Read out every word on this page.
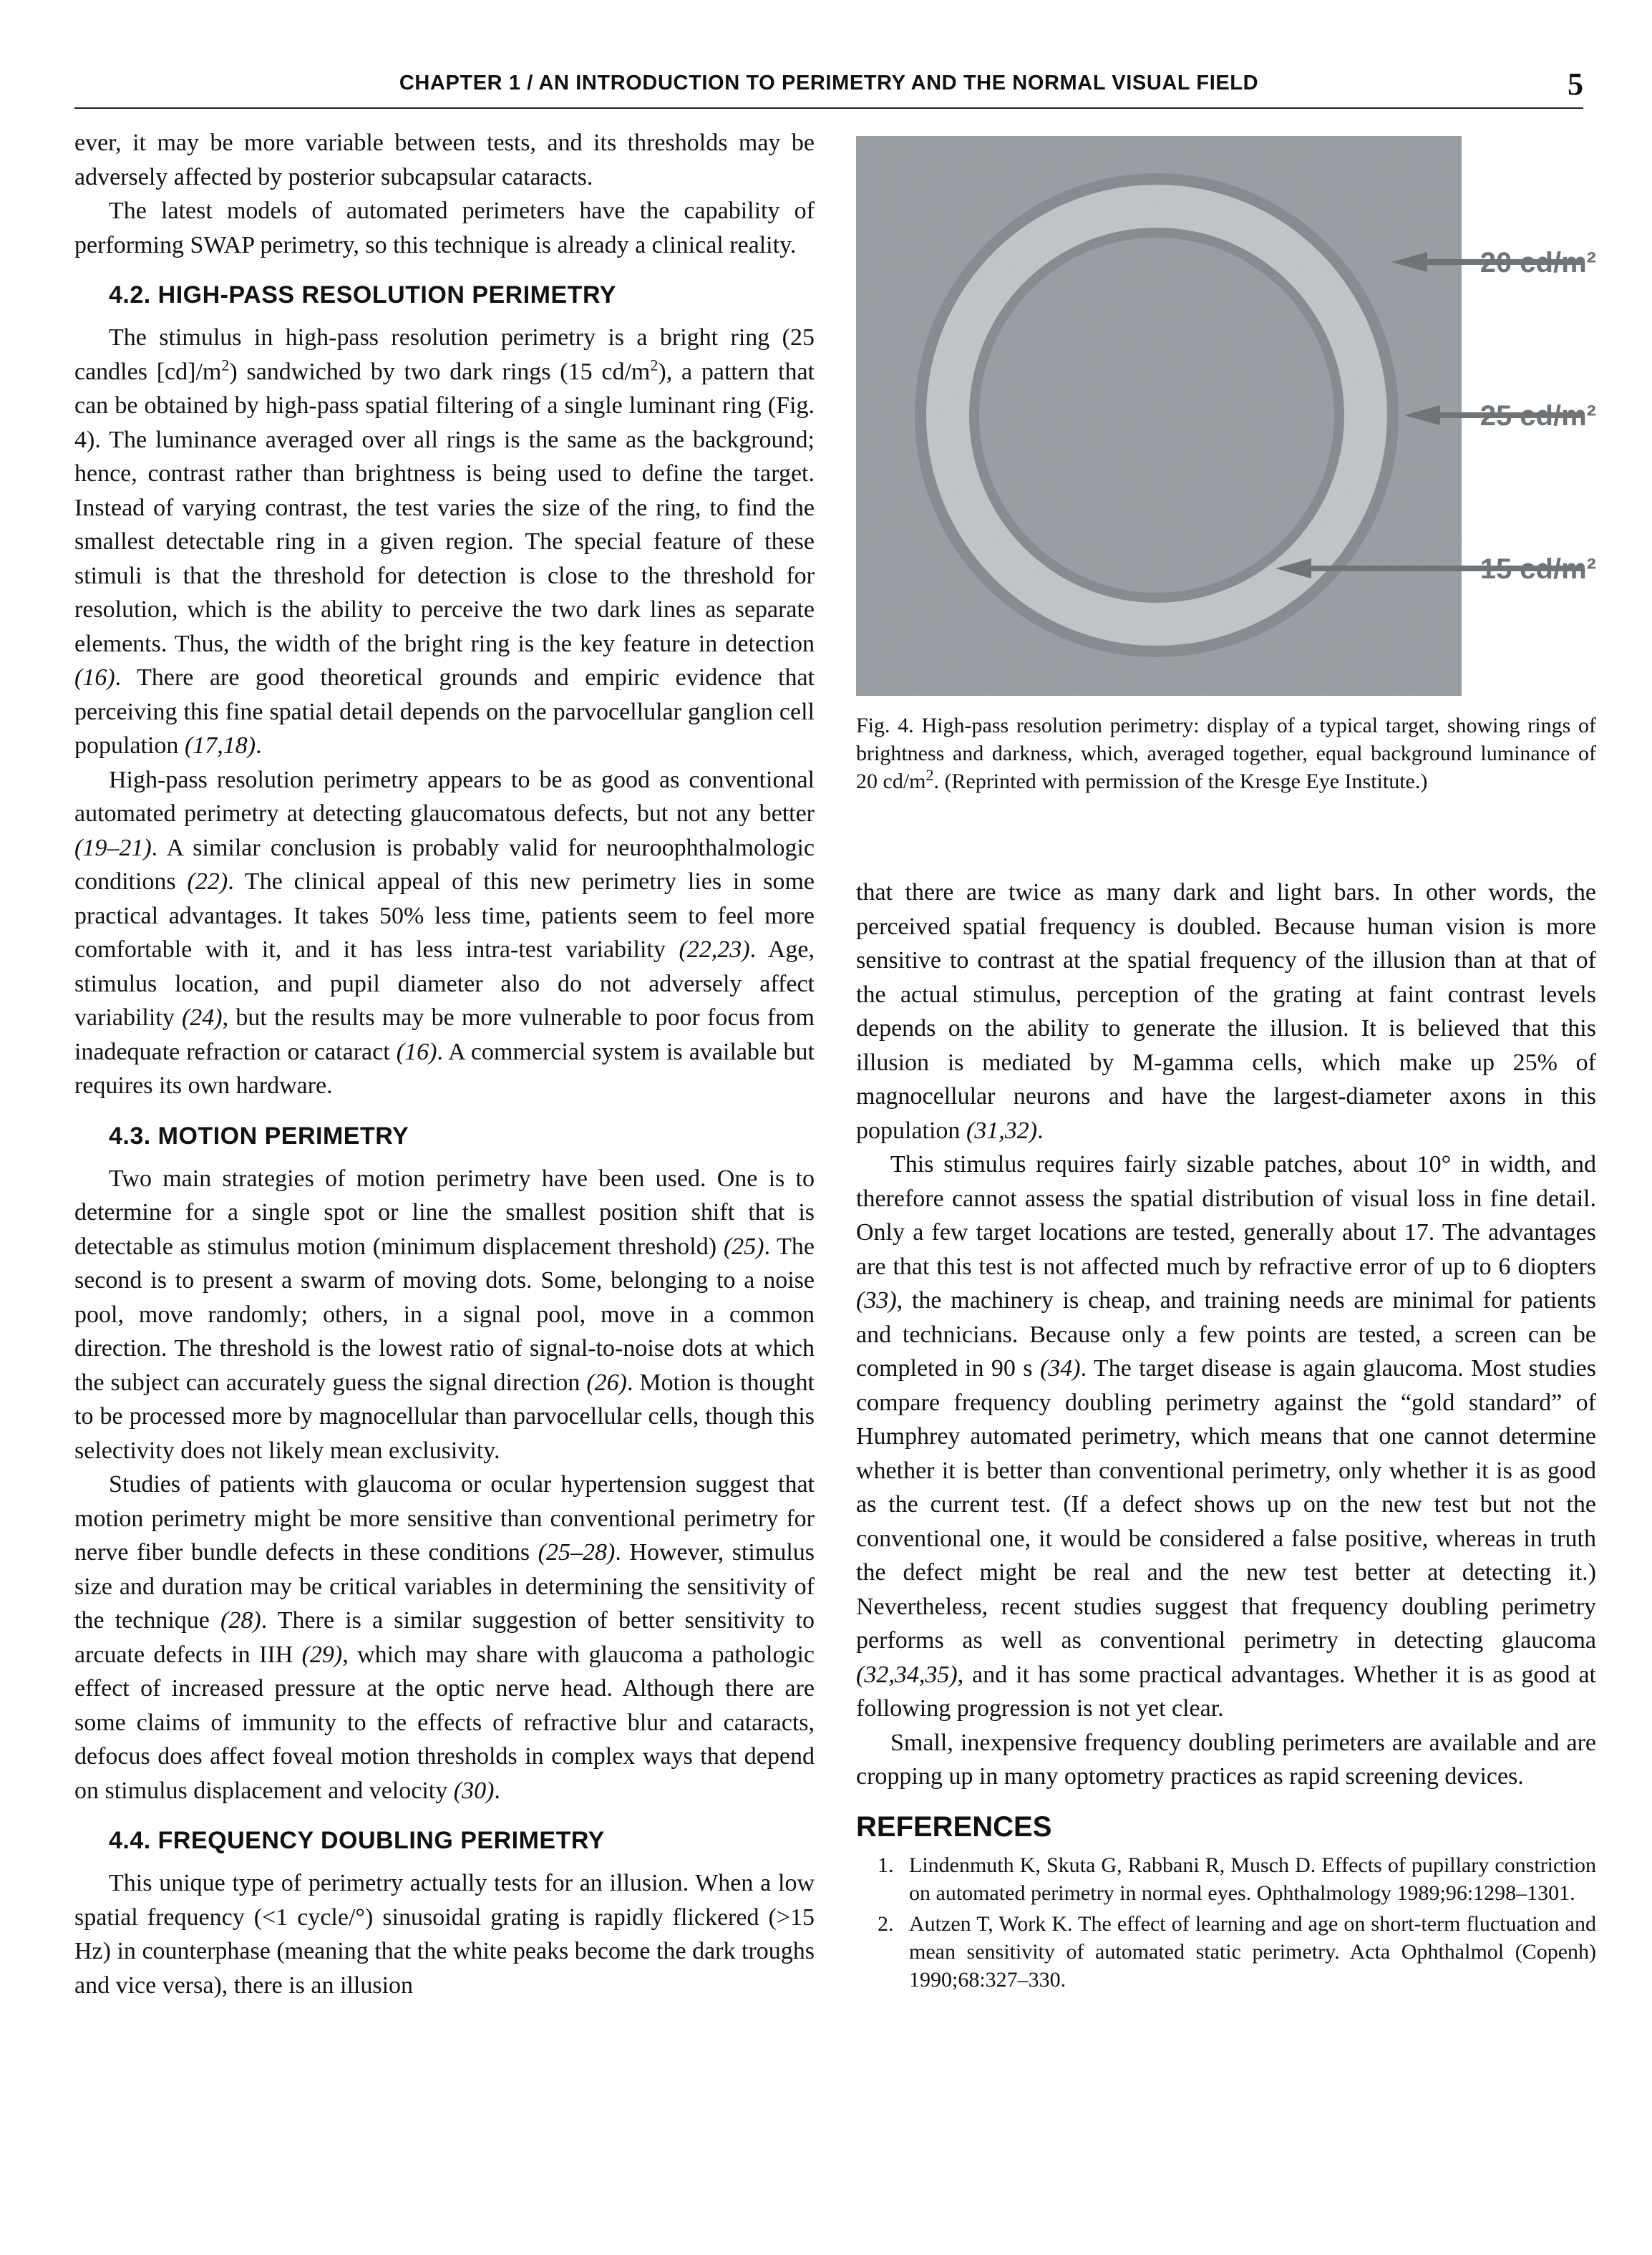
CHAPTER 1 / AN INTRODUCTION TO PERIMETRY AND THE NORMAL VISUAL FIELD	5

ever, it may be more variable between tests, and its thresholds may be adversely affected by posterior subcapsular cataracts.

The latest models of automated perimeters have the capability of performing SWAP perimetry, so this technique is already a clinical reality.

4.2. HIGH-PASS RESOLUTION PERIMETRY

The stimulus in high-pass resolution perimetry is a bright ring (25 candles $[cd]/m^2$) sandwiched by two dark rings (15 $cd/m^2$), a pattern that can be obtained by high-pass spatial filtering of a single luminant ring (Fig. 4). The luminance averaged over all rings is the same as the background; hence, contrast rather than brightness is being used to define the target. Instead of varying contrast, the test varies the size of the ring, to find the smallest detectable ring in a given region. The special feature of these stimuli is that the threshold for detection is close to the threshold for resolution, which is the ability to perceive the two dark lines as separate elements. Thus, the width of the bright ring is the key feature in detection (16). There are good theoretical grounds and empiric evidence that perceiving this fine spatial detail depends on the parvocellular ganglion cell population (17,18).

High-pass resolution perimetry appears to be as good as conventional automated perimetry at detecting glaucomatous defects, but not any better (19–21). A similar conclusion is probably valid for neuroophthalmologic conditions (22). The clinical appeal of this new perimetry lies in some practical advantages. It takes 50% less time, patients seem to feel more comfortable with it, and it has less intra-test variability (22,23). Age, stimulus location, and pupil diameter also do not adversely affect variability (24), but the results may be more vulnerable to poor focus from inadequate refraction or cataract (16). A commercial system is available but requires its own hardware.

4.3. MOTION PERIMETRY

Two main strategies of motion perimetry have been used. One is to determine for a single spot or line the smallest position shift that is detectable as stimulus motion (minimum displacement threshold) (25). The second is to present a swarm of moving dots. Some, belonging to a noise pool, move randomly; others, in a signal pool, move in a common direction. The threshold is the lowest ratio of signal-to-noise dots at which the subject can accurately guess the signal direction (26). Motion is thought to be processed more by magnocellular than parvocellular cells, though this selectivity does not likely mean exclusivity.

Studies of patients with glaucoma or ocular hypertension suggest that motion perimetry might be more sensitive than conventional perimetry for nerve fiber bundle defects in these conditions (25–28). However, stimulus size and duration may be critical variables in determining the sensitivity of the technique (28). There is a similar suggestion of better sensitivity to arcuate defects in IIH (29), which may share with glaucoma a pathologic effect of increased pressure at the optic nerve head. Although there are some claims of immunity to the effects of refractive blur and cataracts, defocus does affect foveal motion thresholds in complex ways that depend on stimulus displacement and velocity (30).

4.4. FREQUENCY DOUBLING PERIMETRY

This unique type of perimetry actually tests for an illusion. When a low spatial frequency (<1 cycle/°) sinusoidal grating is rapidly flickered (>15 Hz) in counterphase (meaning that the white peaks become the dark troughs and vice versa), there is an illusion

20 cd/m²
25 cd/m²
15 cd/m²
Fig. 4. High-pass resolution perimetry: display of a typical target, showing rings of brightness and darkness, which, averaged together, equal background luminance of 20 $cd/m^2$. (Reprinted with permission of the Kresge Eye Institute.)

that there are twice as many dark and light bars. In other words, the perceived spatial frequency is doubled. Because human vision is more sensitive to contrast at the spatial frequency of the illusion than at that of the actual stimulus, perception of the grating at faint contrast levels depends on the ability to generate the illusion. It is believed that this illusion is mediated by M-gamma cells, which make up 25% of magnocellular neurons and have the largest-diameter axons in this population (31,32).

This stimulus requires fairly sizable patches, about 10° in width, and therefore cannot assess the spatial distribution of visual loss in fine detail. Only a few target locations are tested, generally about 17. The advantages are that this test is not affected much by refractive error of up to 6 diopters (33), the machinery is cheap, and training needs are minimal for patients and technicians. Because only a few points are tested, a screen can be completed in 90 s (34). The target disease is again glaucoma. Most studies compare frequency doubling perimetry against the “gold standard” of Humphrey automated perimetry, which means that one cannot determine whether it is better than conventional perimetry, only whether it is as good as the current test. (If a defect shows up on the new test but not the conventional one, it would be considered a false positive, whereas in truth the defect might be real and the new test better at detecting it.) Nevertheless, recent studies suggest that frequency doubling perimetry performs as well as conventional perimetry in detecting glaucoma (32,34,35), and it has some practical advantages. Whether it is as good at following progression is not yet clear.

Small, inexpensive frequency doubling perimeters are available and are cropping up in many optometry practices as rapid screening devices.

REFERENCES
1. Lindenmuth K, Skuta G, Rabbani R, Musch D. Effects of pupillary constriction on automated perimetry in normal eyes. Ophthalmology 1989;96:1298–1301.
2. Autzen T, Work K. The effect of learning and age on short-term fluctuation and mean sensitivity of automated static perimetry. Acta Ophthalmol (Copenh) 1990;68:327–330.
